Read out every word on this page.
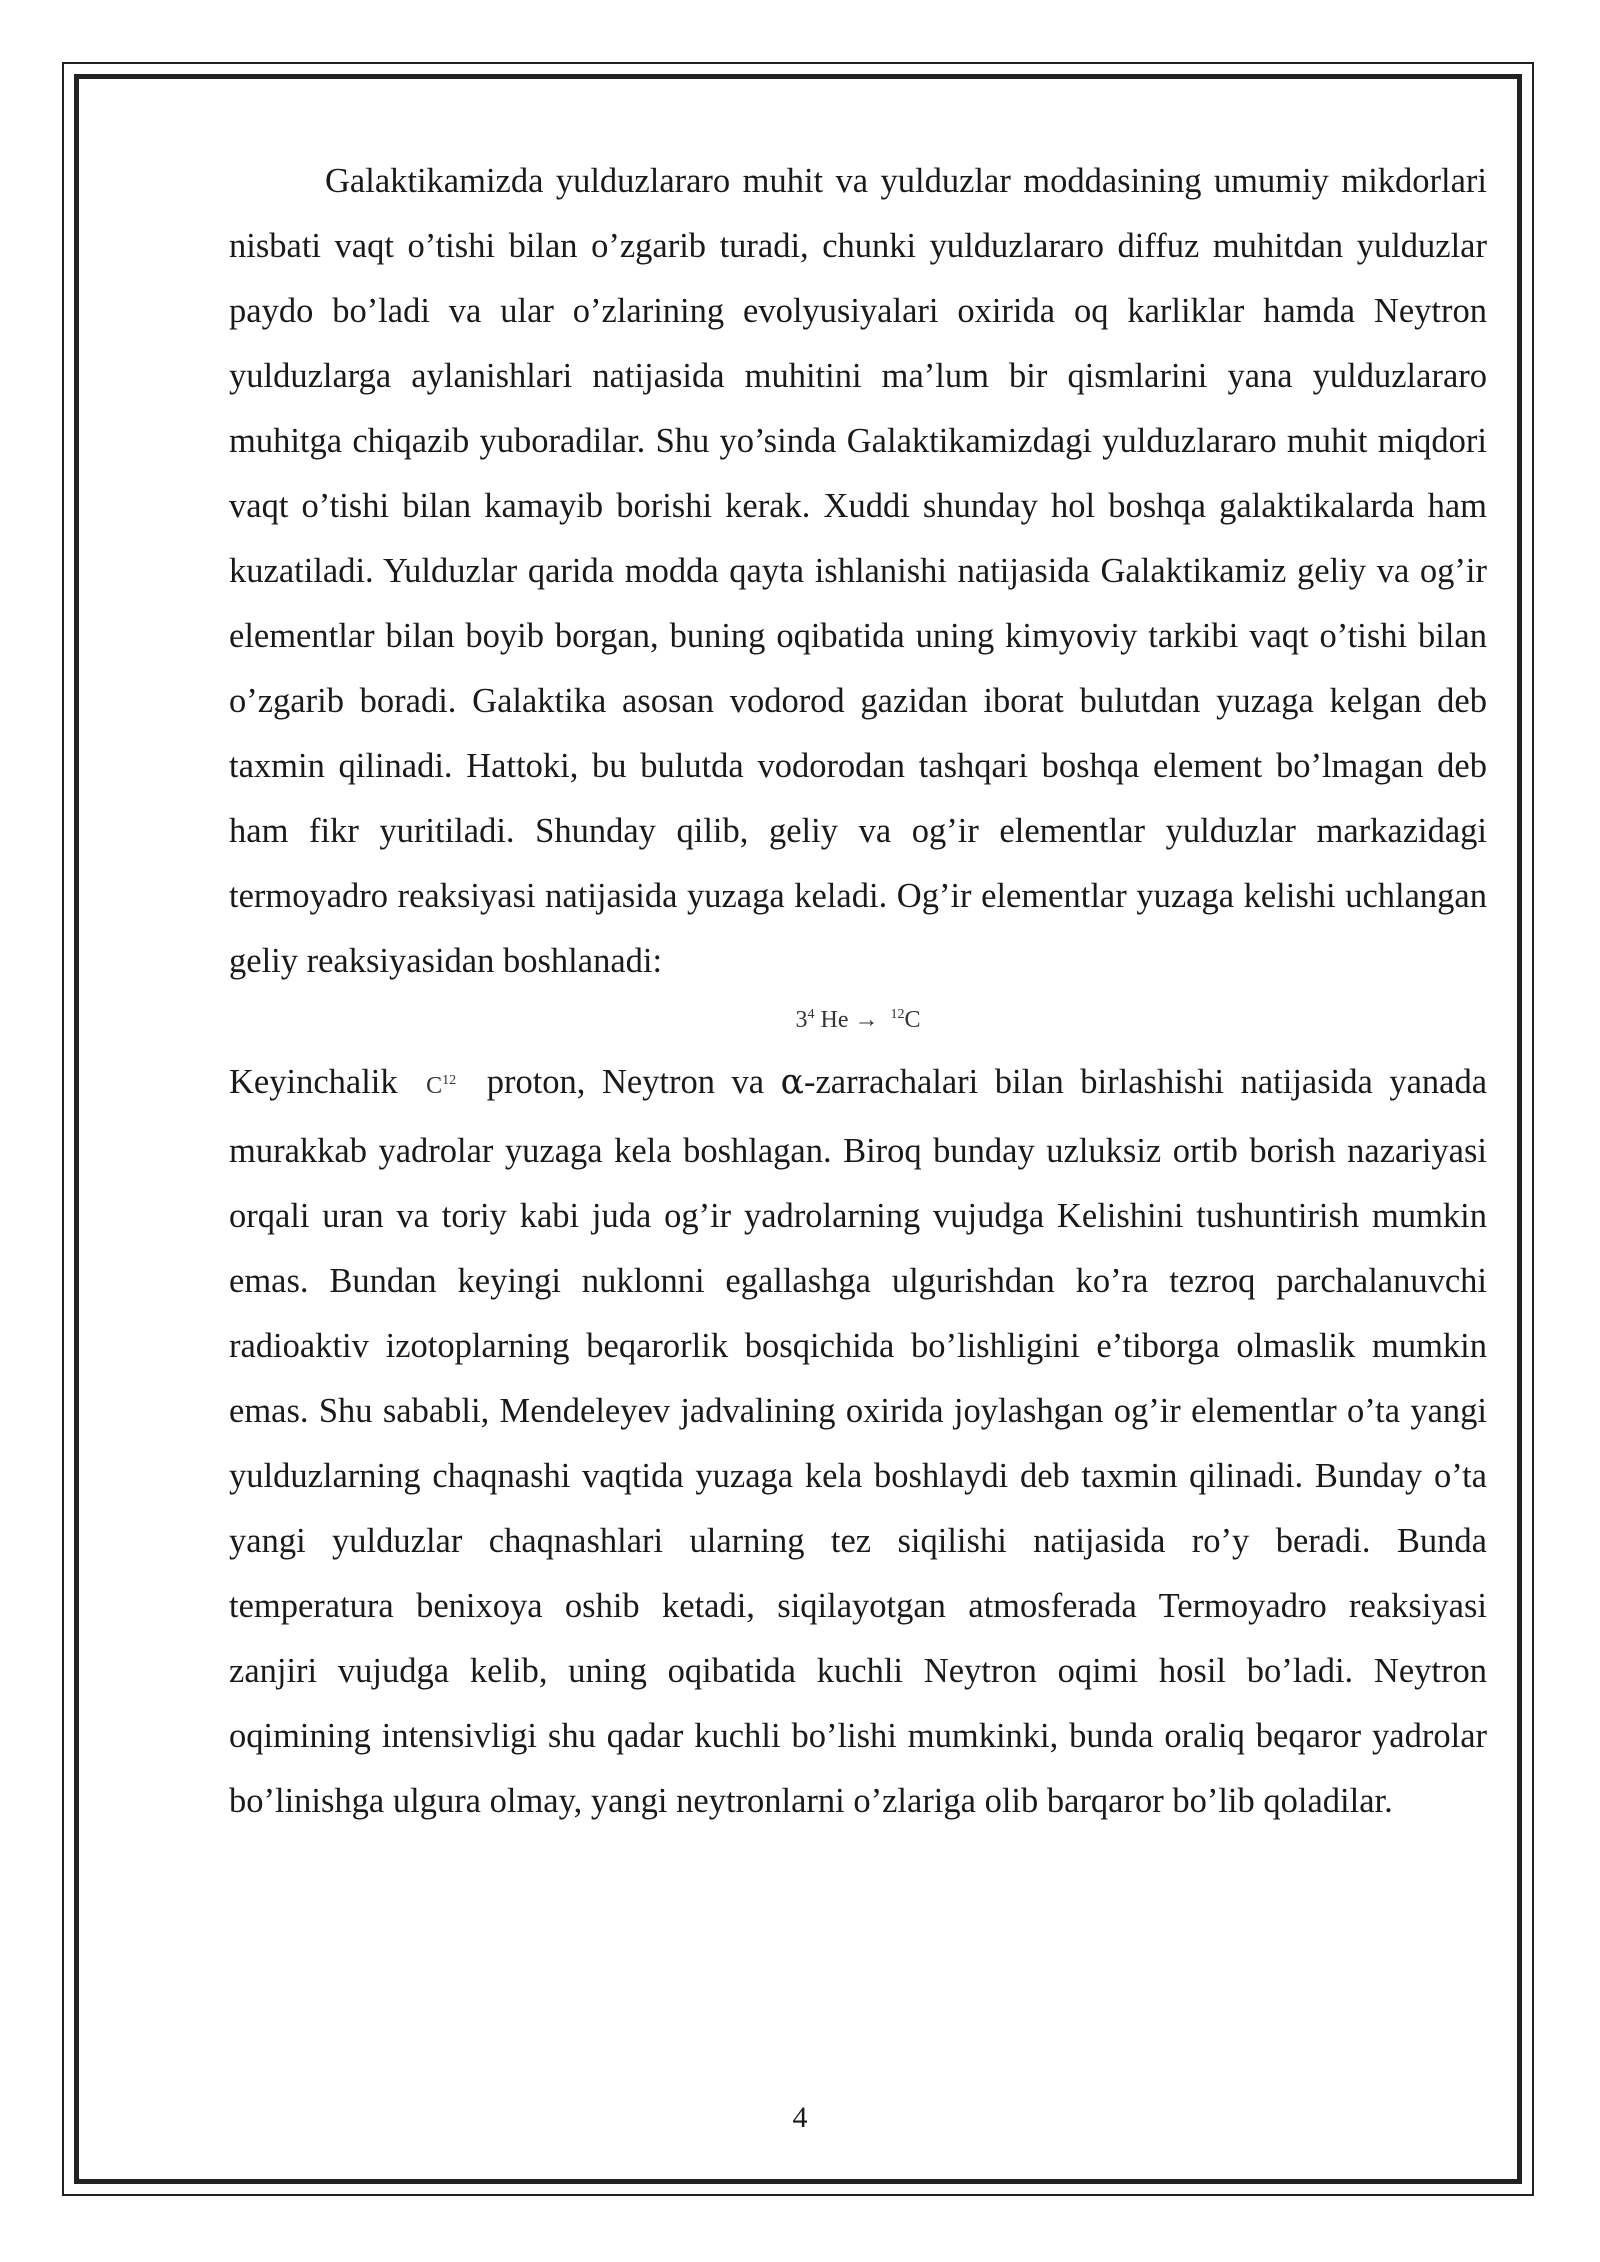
Galaktikamizda yulduzlararo muhit va yulduzlar moddasining umumiy mikdorlari nisbati vaqt o’tishi bilan o’zgarib turadi, chunki yulduzlararo diffuz muhitdan yulduzlar paydo bo’ladi va ular o’zlarining evolyusiyalari oxirida oq karliklar hamda Neytron yulduzlarga aylanishlari natijasida muhitini ma’lum bir qismlarini yana yulduzlararo muhitga chiqazib yuboradilar. Shu yo’sinda Galaktikamizdagi yulduzlararo muhit miqdori vaqt o’tishi bilan kamayib borishi kerak. Xuddi shunday hol boshqa galaktikalarda ham kuzatiladi. Yulduzlar qarida modda qayta ishlanishi natijasida Galaktikamiz geliy va og’ir elementlar bilan boyib borgan, buning oqibatida uning kimyoviy tarkibi vaqt o’tishi bilan o’zgarib boradi. Galaktika asosan vodorod gazidan iborat bulutdan yuzaga kelgan deb taxmin qilinadi. Hattoki, bu bulutda vodorodan tashqari boshqa element bo’lmagan deb ham fikr yuritiladi. Shunday qilib, geliy va og’ir elementlar yulduzlar markazidagi termoyadro reaksiyasi natijasida yuzaga keladi. Og’ir elementlar yuzaga kelishi uchlangan geliy reaksiyasidan boshlanadi:

$3^4$ He → $^{12}$C

Keyinchalik $C^{12}$ proton, Neytron va α-zarrachalari bilan birlashishi natijasida yanada murakkab yadrolar yuzaga kela boshlagan. Biroq bunday uzluksiz ortib borish nazariyasi orqali uran va toriy kabi juda og’ir yadrolarning vujudga Kelishini tushuntirish mumkin emas. Bundan keyingi nuklonni egallashga ulgurishdan ko’ra tezroq parchalanuvchi radioaktiv izotoplarning beqarorlik bosqichida bo’lishligini e’tiborga olmaslik mumkin emas. Shu sababli, Mendeleyev jadvalining oxirida joylashgan og’ir elementlar o’ta yangi yulduzlarning chaqnashi vaqtida yuzaga kela boshlaydi deb taxmin qilinadi. Bunday o’ta yangi yulduzlar chaqnashlari ularning tez siqilishi natijasida ro’y beradi. Bunda temperatura benixoya oshib ketadi, siqilayotgan atmosferada Termoyadro reaksiyasi zanjiri vujudga kelib, uning oqibatida kuchli Neytron oqimi hosil bo’ladi. Neytron oqimining intensivligi shu qadar kuchli bo’lishi mumkinki, bunda oraliq beqaror yadrolar bo’linishga ulgura olmay, yangi neytronlarni o’zlariga olib barqaror bo’lib qoladilar.

4
